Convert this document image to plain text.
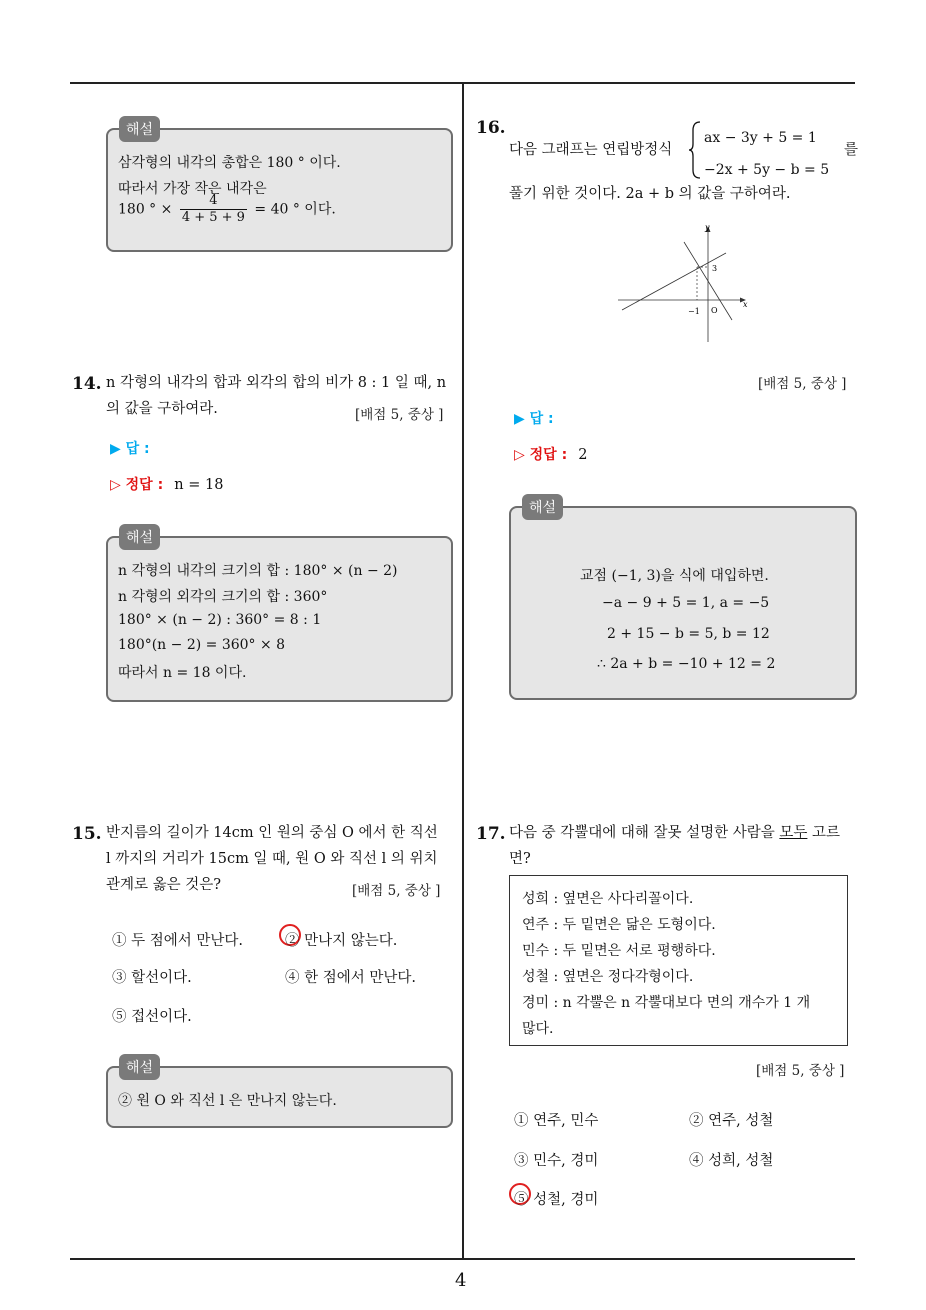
4
해설
삼각형의 내각의 총합은 180 ° 이다.
따라서 가장 작은 내각은
180 ° × $\frac{4}{4 + 5 + 9} = 40$ ° 이다.
14. n 각형의 내각의 합과 외각의 합의 비가 8 : 1 일 때, n
의 값을 구하여라.	[배점 5, 중상 ]
▶ 답 :
▷ 정답 : n = 18
해설
n 각형의 내각의 크기의 합 : 180° × (n − 2)
n 각형의 외각의 크기의 합 : 360°
180° × (n − 2) : 360° = 8 : 1
180°(n − 2) = 360° × 8
따라서 n = 18 이다.
15. 반지름의 길이가 14cm 인 원의 중심 O 에서 한 직선
l 까지의 거리가 15cm 일 때, 원 O 와 직선 l 의 위치
관계로 옳은 것은?	[배점 5, 중상 ]
① 두 점에서 만난다.	② 만나지 않는다.
③ 할선이다.	④ 한 점에서 만난다.
⑤ 접선이다.
해설
② 원 O 와 직선 l 은 만나지 않는다.
16.
다음 그래프는 연립방정식
ax − 3y + 5 = 1
−2x + 5y − b = 5
를
풀기 위한 것이다. 2a + b 의 값을 구하여라.
y
x
3
−1 O
[배점 5, 중상 ]
▶ 답 :
▷ 정답 : 2
해설
교점 (−1, 3)을 식에 대입하면.
−a − 9 + 5 = 1, a = −5
2 + 15 − b = 5, b = 12
∴ 2a + b = −10 + 12 = 2
17. 다음 중 각뿔대에 대해 잘못 설명한 사람을 모두 고르
면?
성희 : 옆면은 사다리꼴이다.
연주 : 두 밑면은 닮은 도형이다.
민수 : 두 밑면은 서로 평행하다.
성철 : 옆면은 정다각형이다.
경미 : n 각뿔은 n 각뿔대보다 면의 개수가 1 개
많다.
[배점 5, 중상 ]
① 연주, 민수	② 연주, 성철
③ 민수, 경미	④ 성희, 성철
⑤ 성철, 경미
